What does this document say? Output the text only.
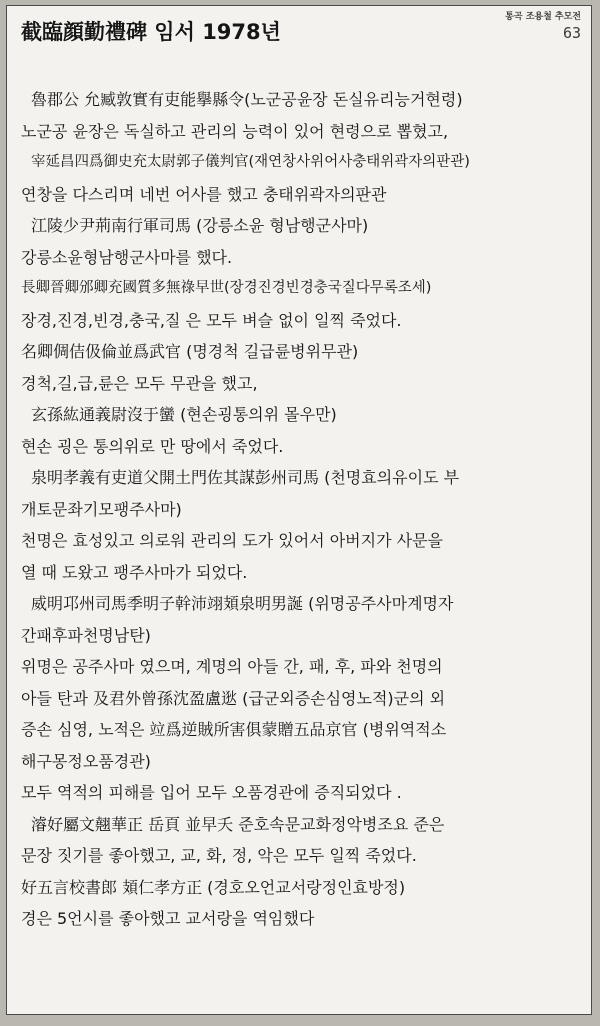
截臨顔勤禮碑 임서 1978년
통곡 조용철 추모전
63
魯郡公 允臧敦實有吏能擧縣令(노군공윤장 돈실유리능거현령)
노군공 윤장은 독실하고 관리의 능력이 있어 현령으로 뽑혔고,
宰延昌四爲御史充太尉郭子儀判官(재연창사위어사충태위곽자의판관)
연창을 다스리며 네번 어사를 했고 충태위곽자의판관
江陵少尹荊南行軍司馬 (강릉소윤 형남행군사마)
강릉소윤형남행군사마를 했다.
長卿晉卿邠卿充國質多無祿早世(장경진경빈경충국질다무록조세)
장경,진경,빈경,충국,질 은 모두 벼슬 없이 일찍 죽었다.
名卿倜佶伋倫並爲武官 (명경척 길급륜병위무관)
경척,길,급,륜은 모두 무관을 했고,
玄孫紘通義尉沒于蠻 (현손굉통의위 몰우만)
현손 굉은 통의위로 만 땅에서 죽었다.
泉明孝義有吏道父開土門佐其謀彭州司馬 (천명효의유이도 부
개토문좌기모팽주사마)
천명은 효성있고 의로워 관리의 도가 있어서 아버지가 사문을
열 때 도왔고 팽주사마가 되었다.
威明邛州司馬季明子幹沛翊頍泉明男誕 (위명공주사마계명자
간패후파천명남탄)
위명은 공주사마 였으며, 계명의 아들 간, 패, 후, 파와 천명의
아들 탄과 及君外曾孫沈盈盧逖 (급군외증손심영노적)군의 외
증손 심영, 노적은 竝爲逆賊所害俱蒙贈五品京官 (병위역적소
해구몽정오품경관)
모두 역적의 피해를 입어 모두 오품경관에 증직되었다 .
濬好屬文翹華正 岳頁 並早夭 준호속문교화정악병조요 준은
문장 짓기를 좋아했고, 교, 화, 정, 악은 모두 일찍 죽었다.
好五言校書郎 頍仁孝方正 (경호오언교서랑정인효방정)
경은 5언시를 좋아했고 교서랑을 역임했다
